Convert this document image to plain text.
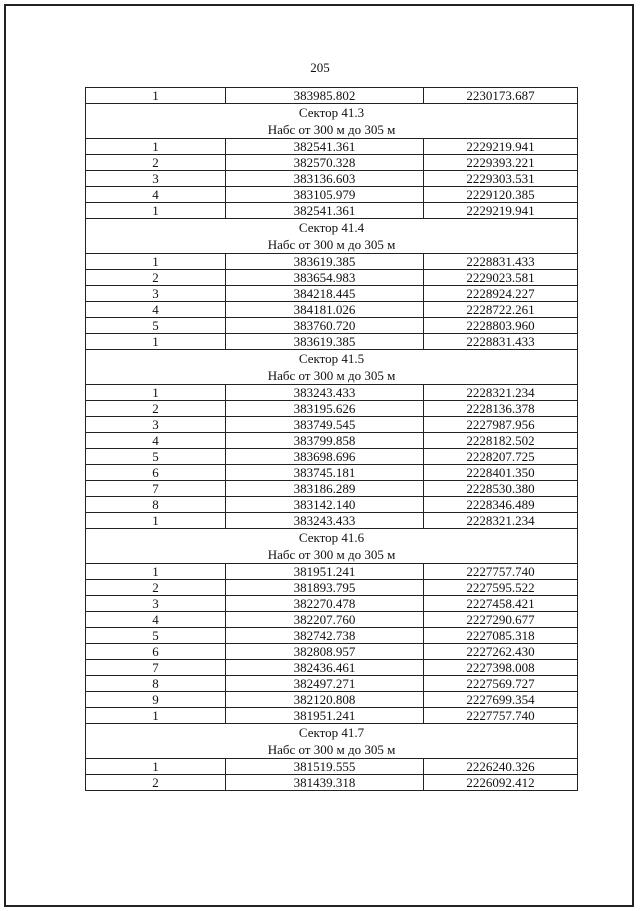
205
1	383985.802	2230173.687

Сектор 41.3
Набс от 300 м до 305 м		

1	382541.361	2229219.941
2	382570.328	2229393.221
3	383136.603	2229303.531
4	383105.979	2229120.385
1	382541.361	2229219.941

Сектор 41.4
Набс от 300 м до 305 м		

1	383619.385	2228831.433
2	383654.983	2229023.581
3	384218.445	2228924.227
4	384181.026	2228722.261
5	383760.720	2228803.960
1	383619.385	2228831.433

Сектор 41.5
Набс от 300 м до 305 м		

1	383243.433	2228321.234
2	383195.626	2228136.378
3	383749.545	2227987.956
4	383799.858	2228182.502
5	383698.696	2228207.725
6	383745.181	2228401.350
7	383186.289	2228530.380
8	383142.140	2228346.489
1	383243.433	2228321.234

Сектор 41.6
Набс от 300 м до 305 м		

1	381951.241	2227757.740
2	381893.795	2227595.522
3	382270.478	2227458.421
4	382207.760	2227290.677
5	382742.738	2227085.318
6	382808.957	2227262.430
7	382436.461	2227398.008
8	382497.271	2227569.727
9	382120.808	2227699.354
1	381951.241	2227757.740

Сектор 41.7
Набс от 300 м до 305 м		

1	381519.555	2226240.326
2	381439.318	2226092.412
